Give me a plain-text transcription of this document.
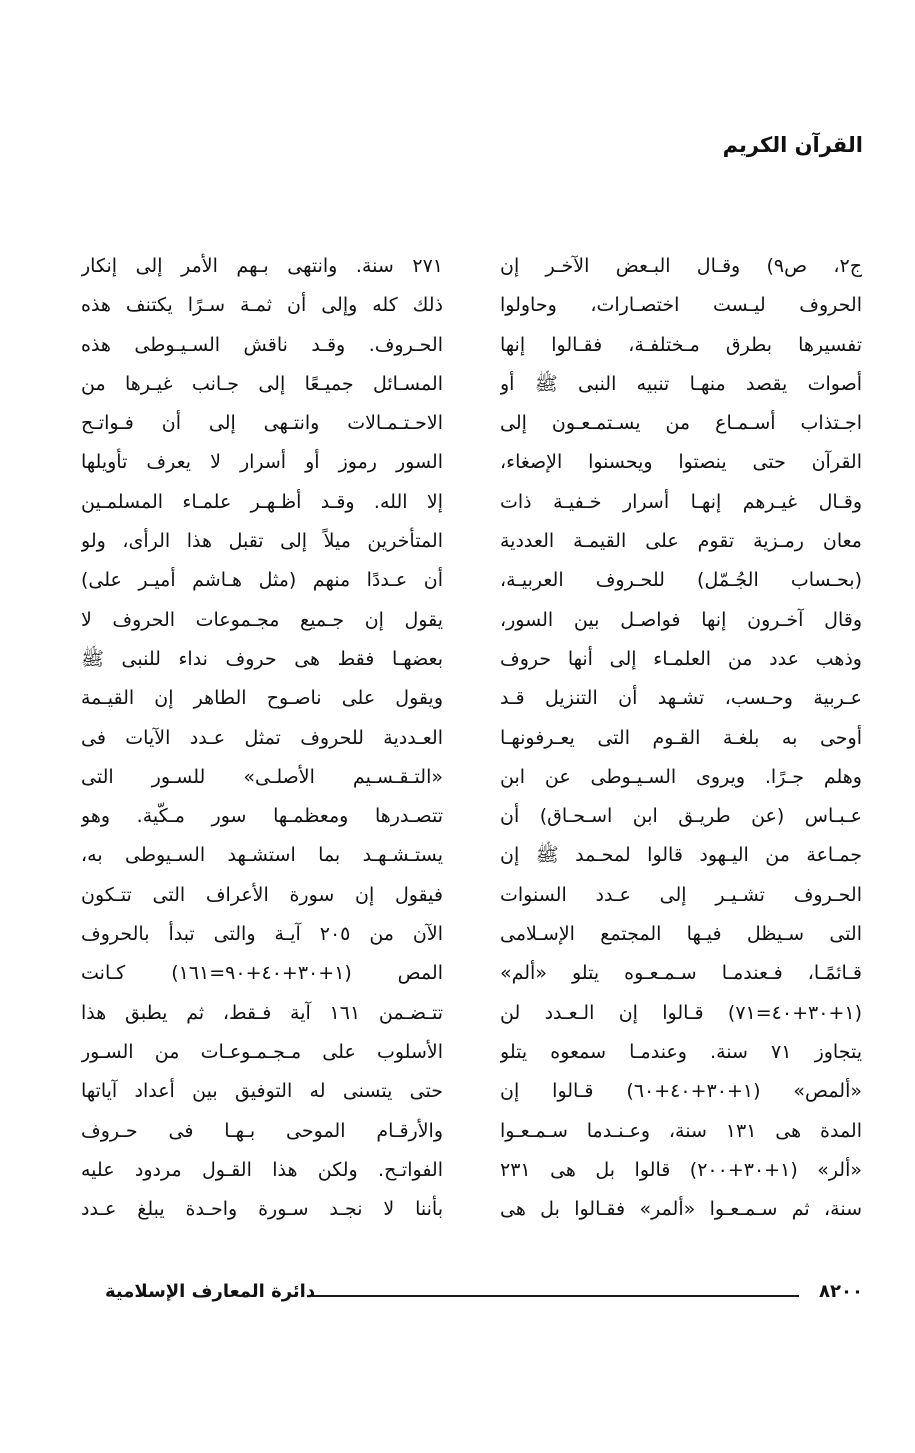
القرآن الكريم
ج٢، ص٩) وقـال البـعض الآخـر إن
الحروف ليـست اختصـارات، وحاولوا
تفسيرها بطرق مـختلفـة، فقـالوا إنها
أصوات يقصد منهـا تنبيه النبى ﷺ أو
اجـتذاب أسـمـاع من يسـتمـعـون إلى
القرآن حتى ينصتوا ويحسنوا الإصغاء،
وقـال غيـرهم إنهـا أسرار خـفيـة ذات
معان رمـزية تقوم على القيمـة العددية
(بحـساب الجُـمّل) للحـروف العربيـة،
وقال آخـرون إنها فواصـل بين السور،
وذهب عدد من العلمـاء إلى أنها حروف
عـربية وحـسب، تشـهد أن التنزيل قـد
أوحى به بلغـة القـوم التى يعـرفونهـا
وهلم جـرًا. ويروى السـيـوطى عن ابن
عـبـاس (عن طريـق ابن اسـحـاق) أن
جمـاعة من اليـهود قالوا لمحـمد ﷺ إن
الحـروف تشـيـر إلى عـدد السنوات
التى سـيظل فيـها المجتمع الإسـلامى
قـائمًـا، فـعندمـا سـمـعـوه يتلو «ألم»
(١+٣٠+٤٠=٧١) قـالوا إن الـعـدد لن
يتجاوز ٧١ سنة. وعندمـا سمعوه يتلو
«ألمص» (١+٣٠+٤٠+٦٠) قـالوا إن
المدة هى ١٣١ سنة، وعـنـدما سـمـعـوا
«ألر» (١+٣٠+٢٠٠) قالوا بل هى ٢٣١
سنة، ثم سـمـعـوا «ألمر» فقـالوا بل هى
٢٧١ سنة. وانتهى بـهم الأمر إلى إنكار
ذلك كله وإلى أن ثمـة سـرًا يكتنف هذه
الحـروف. وقـد ناقش السـيـوطى هذه
المسـائل جميـعًا إلى جـانب غيـرها من
الاحـتـمـالات وانتـهى إلى أن فـواتـح
السور رموز أو أسرار لا يعرف تأويلها
إلا الله. وقـد أظـهـر علمـاء المسلمـين
المتأخرين ميلاً إلى تقبل هذا الرأى، ولو
أن عـددًا منهم (مثل هـاشم أميـر على)
يقول إن جـميع مجـموعات الحروف لا
بعضهـا فقط هى حروف نداء للنبى ﷺ
ويقول على ناصـوح الطاهر إن القيـمة
العـددية للحروف تمثل عـدد الآيات فى
«التـقـسـيم الأصلـى» للسـور التى
تتصـدرها ومعظمـها سور مـكّية. وهو
يستـشـهـد بما استشـهد السـيوطى به،
فيقول إن سورة الأعراف التى تتـكون
الآن من ٢٠٥ آيـة والتى تبدأ بالحروف
المص (١+٣٠+٤٠+٩٠=١٦١) كـانت
تتـضـمن ١٦١ آية فـقط، ثم يطبق هذا
الأسلوب على مـجـمـوعـات من السـور
حتى يتسنى له التوفيق بين أعداد آياتها
والأرقـام الموحى بـهـا فى حـروف
الفواتـح. ولكن هذا القـول مردود عليه
بأننا لا نجـد سـورة واحـدة يبلغ عـدد
٨٢٠٠
دائرة المعارف الإسلامية
